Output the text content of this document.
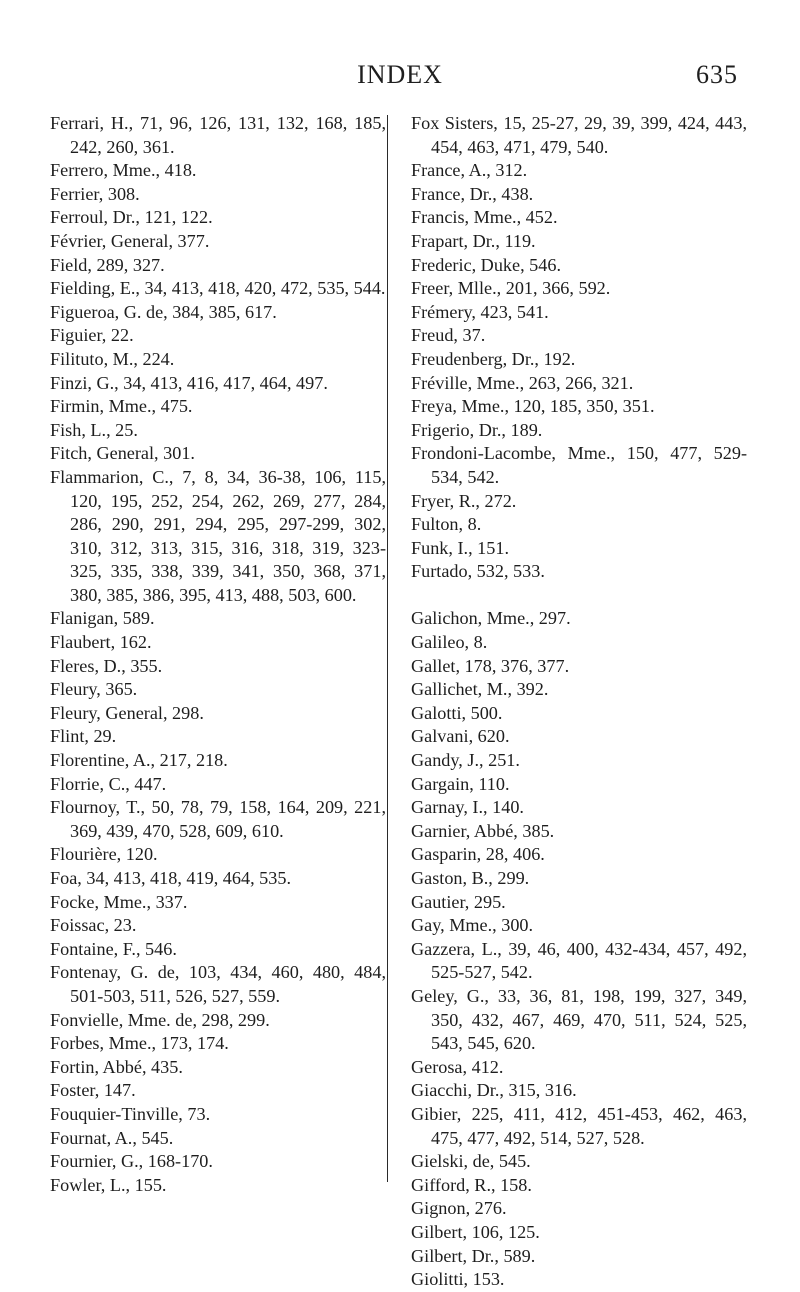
INDEX	635
Ferrari, H., 71, 96, 126, 131, 132, 168, 185, 242, 260, 361.
Ferrero, Mme., 418.
Ferrier, 308.
Ferroul, Dr., 121, 122.
Février, General, 377.
Field, 289, 327.
Fielding, E., 34, 413, 418, 420, 472, 535, 544.
Figueroa, G. de, 384, 385, 617.
Figuier, 22.
Filituto, M., 224.
Finzi, G., 34, 413, 416, 417, 464, 497.
Firmin, Mme., 475.
Fish, L., 25.
Fitch, General, 301.
Flammarion, C., 7, 8, 34, 36-38, 106, 115, 120, 195, 252, 254, 262, 269, 277, 284, 286, 290, 291, 294, 295, 297-299, 302, 310, 312, 313, 315, 316, 318, 319, 323-325, 335, 338, 339, 341, 350, 368, 371, 380, 385, 386, 395, 413, 488, 503, 600.
Flanigan, 589.
Flaubert, 162.
Fleres, D., 355.
Fleury, 365.
Fleury, General, 298.
Flint, 29.
Florentine, A., 217, 218.
Florrie, C., 447.
Flournoy, T., 50, 78, 79, 158, 164, 209, 221, 369, 439, 470, 528, 609, 610.
Flourière, 120.
Foa, 34, 413, 418, 419, 464, 535.
Focke, Mme., 337.
Foissac, 23.
Fontaine, F., 546.
Fontenay, G. de, 103, 434, 460, 480, 484, 501-503, 511, 526, 527, 559.
Fonvielle, Mme. de, 298, 299.
Forbes, Mme., 173, 174.
Fortin, Abbé, 435.
Foster, 147.
Fouquier-Tinville, 73.
Fournat, A., 545.
Fournier, G., 168-170.
Fowler, L., 155.
Fox Sisters, 15, 25-27, 29, 39, 399, 424, 443, 454, 463, 471, 479, 540.
France, A., 312.
France, Dr., 438.
Francis, Mme., 452.
Frapart, Dr., 119.
Frederic, Duke, 546.
Freer, Mlle., 201, 366, 592.
Frémery, 423, 541.
Freud, 37.
Freudenberg, Dr., 192.
Fréville, Mme., 263, 266, 321.
Freya, Mme., 120, 185, 350, 351.
Frigerio, Dr., 189.
Frondoni-Lacombe, Mme., 150, 477, 529-534, 542.
Fryer, R., 272.
Fulton, 8.
Funk, I., 151.
Furtado, 532, 533.
Galichon, Mme., 297.
Galileo, 8.
Gallet, 178, 376, 377.
Gallichet, M., 392.
Galotti, 500.
Galvani, 620.
Gandy, J., 251.
Gargain, 110.
Garnay, I., 140.
Garnier, Abbé, 385.
Gasparin, 28, 406.
Gaston, B., 299.
Gautier, 295.
Gay, Mme., 300.
Gazzera, L., 39, 46, 400, 432-434, 457, 492, 525-527, 542.
Geley, G., 33, 36, 81, 198, 199, 327, 349, 350, 432, 467, 469, 470, 511, 524, 525, 543, 545, 620.
Gerosa, 412.
Giacchi, Dr., 315, 316.
Gibier, 225, 411, 412, 451-453, 462, 463, 475, 477, 492, 514, 527, 528.
Gielski, de, 545.
Gifford, R., 158.
Gignon, 276.
Gilbert, 106, 125.
Gilbert, Dr., 589.
Giolitti, 153.
